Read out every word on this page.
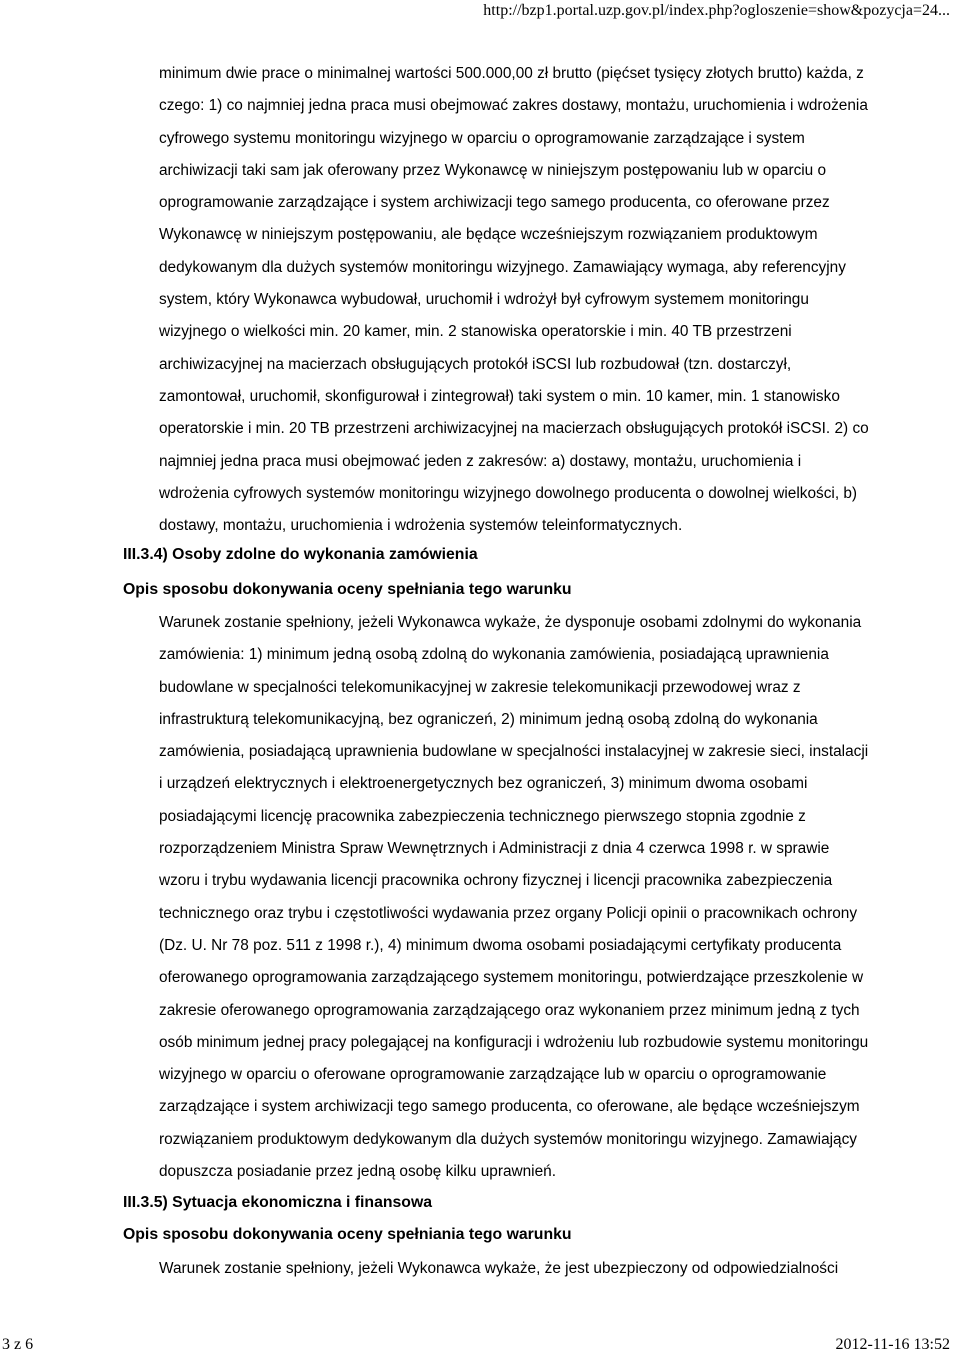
http://bzp1.portal.uzp.gov.pl/index.php?ogloszenie=show&pozycja=24...
minimum dwie prace o minimalnej wartości 500.000,00 zł brutto (pięćset tysięcy złotych brutto) każda, z
czego: 1) co najmniej jedna praca musi obejmować zakres dostawy, montażu, uruchomienia i wdrożenia
cyfrowego systemu monitoringu wizyjnego w oparciu o oprogramowanie zarządzające i system
archiwizacji taki sam jak oferowany przez Wykonawcę w niniejszym postępowaniu lub w oparciu o
oprogramowanie zarządzające i system archiwizacji tego samego producenta, co oferowane przez
Wykonawcę w niniejszym postępowaniu, ale będące wcześniejszym rozwiązaniem produktowym
dedykowanym dla dużych systemów monitoringu wizyjnego. Zamawiający wymaga, aby referencyjny
system, który Wykonawca wybudował, uruchomił i wdrożył był cyfrowym systemem monitoringu
wizyjnego o wielkości min. 20 kamer, min. 2 stanowiska operatorskie i min. 40 TB przestrzeni
archiwizacyjnej na macierzach obsługujących protokół iSCSI lub rozbudował (tzn. dostarczył,
zamontował, uruchomił, skonfigurował i zintegrował) taki system o min. 10 kamer, min. 1 stanowisko
operatorskie i min. 20 TB przestrzeni archiwizacyjnej na macierzach obsługujących protokół iSCSI. 2) co
najmniej jedna praca musi obejmować jeden z zakresów: a) dostawy, montażu, uruchomienia i
wdrożenia cyfrowych systemów monitoringu wizyjnego dowolnego producenta o dowolnej wielkości, b)
dostawy, montażu, uruchomienia i wdrożenia systemów teleinformatycznych.
III.3.4) Osoby zdolne do wykonania zamówienia
Opis sposobu dokonywania oceny spełniania tego warunku
Warunek zostanie spełniony, jeżeli Wykonawca wykaże, że dysponuje osobami zdolnymi do wykonania
zamówienia: 1) minimum jedną osobą zdolną do wykonania zamówienia, posiadającą uprawnienia
budowlane w specjalności telekomunikacyjnej w zakresie telekomunikacji przewodowej wraz z
infrastrukturą telekomunikacyjną, bez ograniczeń, 2) minimum jedną osobą zdolną do wykonania
zamówienia, posiadającą uprawnienia budowlane w specjalności instalacyjnej w zakresie sieci, instalacji
i urządzeń elektrycznych i elektroenergetycznych bez ograniczeń, 3) minimum dwoma osobami
posiadającymi licencję pracownika zabezpieczenia technicznego pierwszego stopnia zgodnie z
rozporządzeniem Ministra Spraw Wewnętrznych i Administracji z dnia 4 czerwca 1998 r. w sprawie
wzoru i trybu wydawania licencji pracownika ochrony fizycznej i licencji pracownika zabezpieczenia
technicznego oraz trybu i częstotliwości wydawania przez organy Policji opinii o pracownikach ochrony
(Dz. U. Nr 78 poz. 511 z 1998 r.), 4) minimum dwoma osobami posiadającymi certyfikaty producenta
oferowanego oprogramowania zarządzającego systemem monitoringu, potwierdzające przeszkolenie w
zakresie oferowanego oprogramowania zarządzającego oraz wykonaniem przez minimum jedną z tych
osób minimum jednej pracy polegającej na konfiguracji i wdrożeniu lub rozbudowie systemu monitoringu
wizyjnego w oparciu o oferowane oprogramowanie zarządzające lub w oparciu o oprogramowanie
zarządzające i system archiwizacji tego samego producenta, co oferowane, ale będące wcześniejszym
rozwiązaniem produktowym dedykowanym dla dużych systemów monitoringu wizyjnego. Zamawiający
dopuszcza posiadanie przez jedną osobę kilku uprawnień.
III.3.5) Sytuacja ekonomiczna i finansowa
Opis sposobu dokonywania oceny spełniania tego warunku
Warunek zostanie spełniony, jeżeli Wykonawca wykaże, że jest ubezpieczony od odpowiedzialności
3 z 6	2012-11-16 13:52
